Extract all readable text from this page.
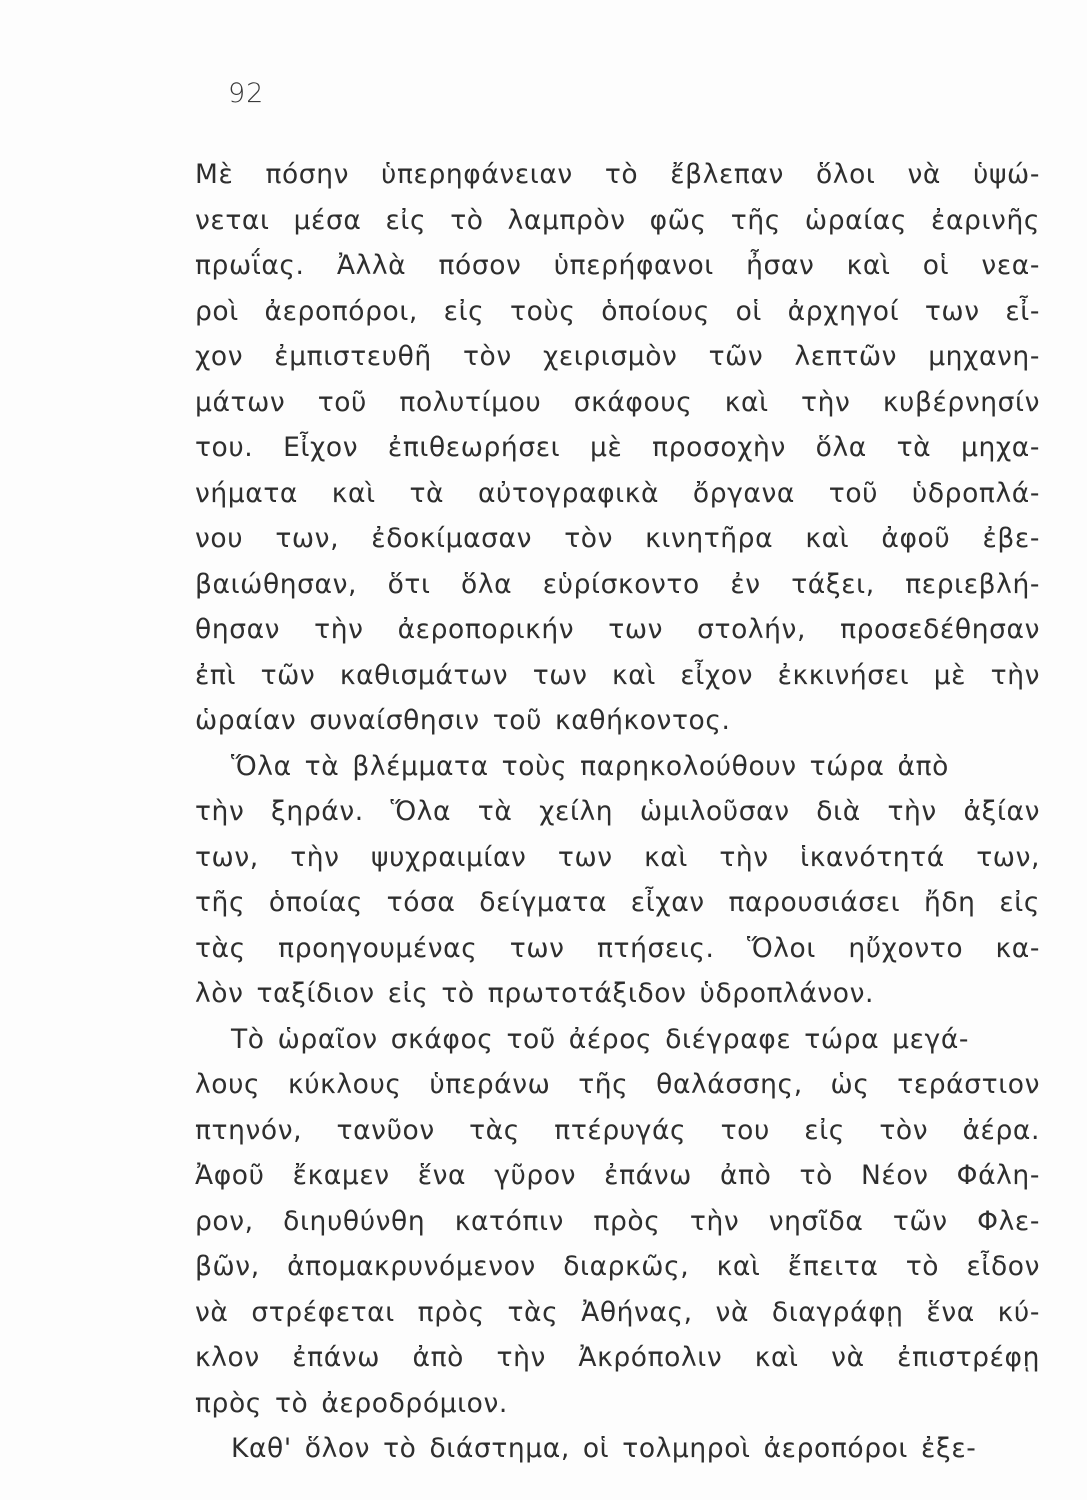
92
Μὲ πόσην ὑπερηφάνειαν τὸ ἔβλεπαν ὅλοι νὰ ὑψώ-
νεται μέσα εἰς τὸ λαμπρὸν φῶς τῆς ὡραίας ἐαρινῆς
πρωΐας. Ἀλλὰ πόσον ὑπερήφανοι ἦσαν καὶ οἱ νεα-
ροὶ ἀεροπόροι, εἰς τοὺς ὁποίους οἱ ἀρχηγοί των εἶ-
χον ἐμπιστευθῆ τὸν χειρισμὸν τῶν λεπτῶν μηχανη-
μάτων τοῦ πολυτίμου σκάφους καὶ τὴν κυβέρνησίν
του. Εἶχον ἐπιθεωρήσει μὲ προσοχὴν ὅλα τὰ μηχα-
νήματα καὶ τὰ αὐτογραφικὰ ὄργανα τοῦ ὑδροπλά-
νου των, ἐδοκίμασαν τὸν κινητῆρα καὶ ἀφοῦ ἐβε-
βαιώθησαν, ὅτι ὅλα εὑρίσκοντο ἐν τάξει, περιεβλή-
θησαν τὴν ἀεροπορικήν των στολήν, προσεδέθησαν
ἐπὶ τῶν καθισμάτων των καὶ εἶχον ἐκκινήσει μὲ τὴν
ὡραίαν συναίσθησιν τοῦ καθήκοντος.
Ὅλα τὰ βλέμματα τοὺς παρηκολούθουν τώρα ἀπὸ
τὴν ξηράν. Ὅλα τὰ χείλη ὡμιλοῦσαν διὰ τὴν ἀξίαν
των, τὴν ψυχραιμίαν των καὶ τὴν ἱκανότητά των,
τῆς ὁποίας τόσα δείγματα εἶχαν παρουσιάσει ἤδη εἰς
τὰς προηγουμένας των πτήσεις. Ὅλοι ηὔχοντο κα-
λὸν ταξίδιον εἰς τὸ πρωτοτάξιδον ὑδροπλάνον.
Τὸ ὡραῖον σκάφος τοῦ ἀέρος διέγραφε τώρα μεγά-
λους κύκλους ὑπεράνω τῆς θαλάσσης, ὡς τεράστιον
πτηνόν, τανῦον τὰς πτέρυγάς του εἰς τὸν ἀέρα.
Ἀφοῦ ἔκαμεν ἕνα γῦρον ἐπάνω ἀπὸ τὸ Νέον Φάλη-
ρον, διηυθύνθη κατόπιν πρὸς τὴν νησῖδα τῶν Φλε-
βῶν, ἀπομακρυνόμενον διαρκῶς, καὶ ἔπειτα τὸ εἶδον
νὰ στρέφεται πρὸς τὰς Ἀθήνας, νὰ διαγράφῃ ἕνα κύ-
κλον ἐπάνω ἀπὸ τὴν Ἀκρόπολιν καὶ νὰ ἐπιστρέφῃ
πρὸς τὸ ἀεροδρόμιον.
Καθ' ὅλον τὸ διάστημα, οἱ τολμηροὶ ἀεροπόροι ἐξε-
